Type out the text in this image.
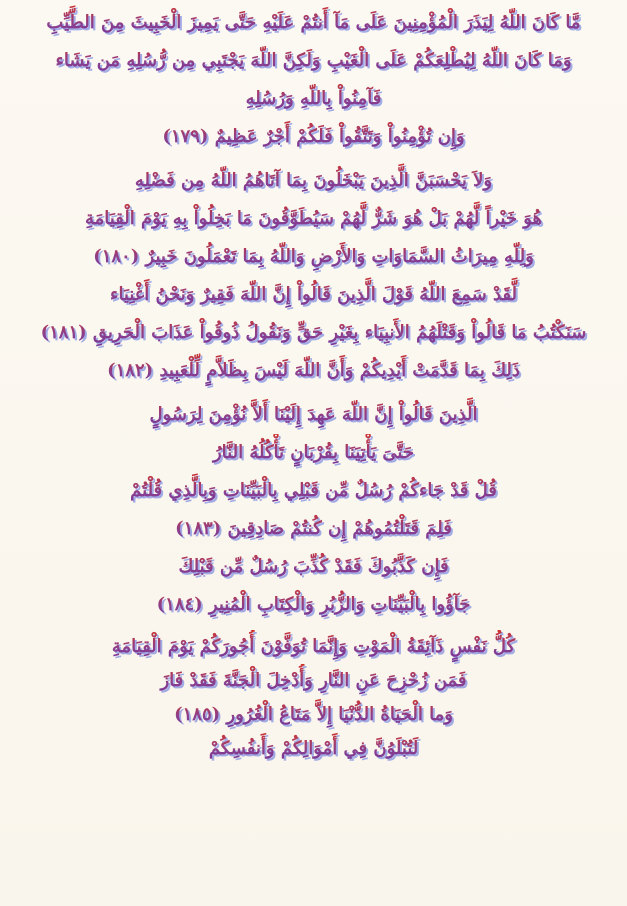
مَّا كَانَ اللّهُ لِيَذَرَ الْمُؤْمِنِينَ عَلَى مَآ أَنتُمْ عَلَيْهِ حَتَّى يَمِيزَ الْخَبِيثَ مِنَ الطَّيِّبِ
وَمَا كَانَ اللّهُ لِيُطْلِعَكُمْ عَلَى الْغَيْبِ وَلَكِنَّ اللّهَ يَجْتَبِي مِن رُّسُلِهِ مَن يَشَاء
فَآمِنُواْ بِاللّهِ وَرُسُلِهِ
وَإِن تُؤْمِنُواْ وَتَتَّقُواْ فَلَكُمْ أَجْرٌ عَظِيمٌ (١٧٩)
وَلاَ يَحْسَبَنَّ الَّذِينَ يَبْخَلُونَ بِمَا آتَاهُمُ اللّهُ مِن فَضْلِهِ
هُوَ خَيْراً لَّهُمْ بَلْ هُوَ شَرٌّ لَّهُمْ سَيُطَوَّقُونَ مَا بَخِلُواْ بِهِ يَوْمَ الْقِيَامَةِ
وَلِلّهِ مِيرَاثُ السَّمَاوَاتِ وَالأَرْضِ وَاللّهُ بِمَا تَعْمَلُونَ خَبِيرٌ (١٨٠)
لَّقَدْ سَمِعَ اللّهُ قَوْلَ الَّذِينَ قَالُواْ إِنَّ اللّهَ فَقِيرٌ وَنَحْنُ أَغْنِيَاء
سَنَكْتُبُ مَا قَالُواْ وَقَتْلَهُمُ الأَنبِيَاء بِغَيْرِ حَقٍّ وَنَقُولُ ذُوقُواْ عَذَابَ الْحَرِيقِ (١٨١)
ذَلِكَ بِمَا قَدَّمَتْ أَيْدِيكُمْ وَأَنَّ اللّهَ لَيْسَ بِظَلاَّمٍ لِّلْعَبِيدِ (١٨٢)
الَّذِينَ قَالُواْ إِنَّ اللّهَ عَهِدَ إِلَيْنَا أَلاَّ نُؤْمِنَ لِرَسُولٍ
حَتَّىَ يَأْتِيَنَا بِقُرْبَانٍ تَأْكُلُهُ النَّارُ
قُلْ قَدْ جَاءكُمْ رُسُلٌ مِّن قَبْلِي بِالْبَيِّنَاتِ وَبِالَّذِي قُلْتُمْ
فَلِمَ قَتَلْتُمُوهُمْ إِن كُنتُمْ صَادِقِينَ (١٨٣)
فَإِن كَذَّبُوكَ فَقَدْ كُذِّبَ رُسُلٌ مِّن قَبْلِكَ
جَآؤُوا بِالْبَيِّنَاتِ وَالزُّبُرِ وَالْكِتَابِ الْمُنِيرِ (١٨٤)
كُلُّ نَفْسٍ ذَآئِقَةُ الْمَوْتِ وَإِنَّمَا تُوَفَّوْنَ أُجُورَكُمْ يَوْمَ الْقِيَامَةِ
فَمَن زُحْزِحَ عَنِ النَّارِ وَأُدْخِلَ الْجَنَّةَ فَقَدْ فَازَ
وَما الْحَيَاةُ الدُّنْيَا إِلاَّ مَتَاعُ الْغُرُورِ (١٨٥)
لَتُبْلَوُنَّ فِي أَمْوَالِكُمْ وَأَنفُسِكُمْ
